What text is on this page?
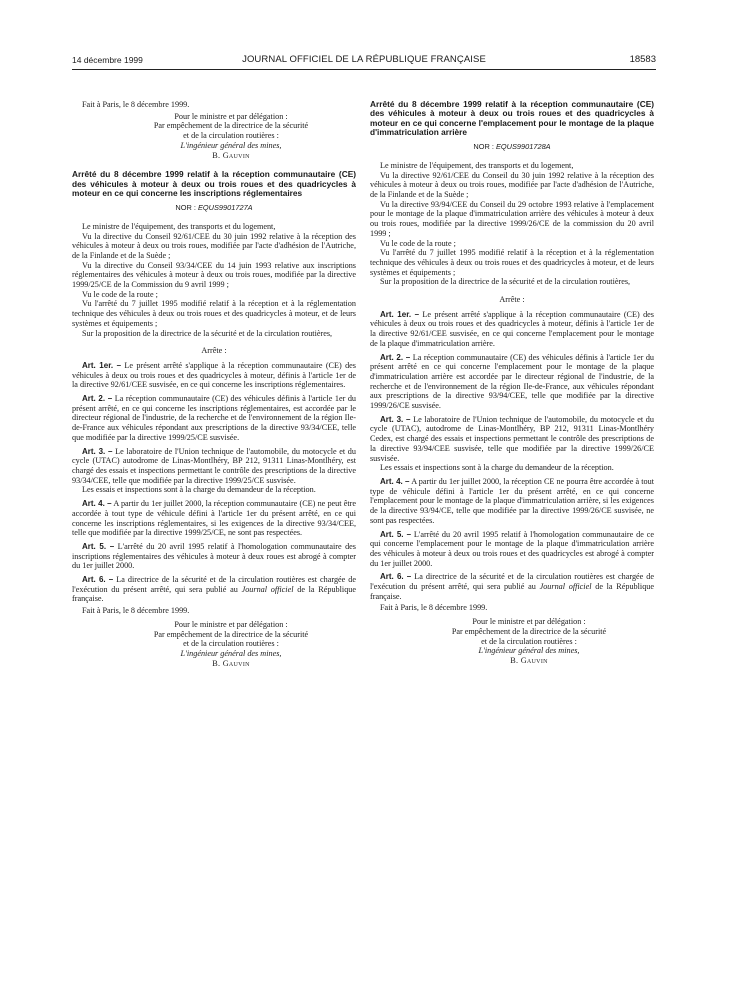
14 décembre 1999	JOURNAL OFFICIEL DE LA RÉPUBLIQUE FRANÇAISE	18583

Fait à Paris, le 8 décembre 1999.

Pour le ministre et par délégation :
Par empêchement de la directrice de la sécurité
et de la circulation routières :
L'ingénieur général des mines,
B. Gauvin

Arrêté du 8 décembre 1999 relatif à la réception communautaire (CE) des véhicules à moteur à deux ou trois roues et des quadricycles à moteur en ce qui concerne les inscriptions réglementaires

NOR : EQUS9901727A

Le ministre de l'équipement, des transports et du logement,

Vu la directive du Conseil 92/61/CEE du 30 juin 1992 relative à la réception des véhicules à moteur à deux ou trois roues, modifiée par l'acte d'adhésion de l'Autriche, de la Finlande et de la Suède ;

Vu la directive du Conseil 93/34/CEE du 14 juin 1993 relative aux inscriptions réglementaires des véhicules à moteur à deux ou trois roues, modifiée par la directive 1999/25/CE de la Commission du 9 avril 1999 ;

Vu le code de la route ;

Vu l'arrêté du 7 juillet 1995 modifié relatif à la réception et à la réglementation technique des véhicules à deux ou trois roues et des quadricycles à moteur, et de leurs systèmes et équipements ;

Sur la proposition de la directrice de la sécurité et de la circulation routières,

Arrête :

Art. 1er. – Le présent arrêté s'applique à la réception communautaire (CE) des véhicules à deux ou trois roues et des quadricycles à moteur, définis à l'article 1er de la directive 92/61/CEE susvisée, en ce qui concerne les inscriptions réglementaires.

Art. 2. – La réception communautaire (CE) des véhicules définis à l'article 1er du présent arrêté, en ce qui concerne les inscriptions réglementaires, est accordée par le directeur régional de l'industrie, de la recherche et de l'environnement de la région Ile-de-France aux véhicules répondant aux prescriptions de la directive 93/34/CEE, telle que modifiée par la directive 1999/25/CE susvisée.

Art. 3. – Le laboratoire de l'Union technique de l'automobile, du motocycle et du cycle (UTAC) autodrome de Linas-Montlhéry, BP 212, 91311 Linas-Montlhéry, est chargé des essais et inspections permettant le contrôle des prescriptions de la directive 93/34/CEE, telle que modifiée par la directive 1999/25/CE susvisée.

Les essais et inspections sont à la charge du demandeur de la réception.

Art. 4. – A partir du 1er juillet 2000, la réception communautaire (CE) ne peut être accordée à tout type de véhicule défini à l'article 1er du présent arrêté, en ce qui concerne les inscriptions réglementaires, si les exigences de la directive 93/34/CEE, telle que modifiée par la directive 1999/25/CE, ne sont pas respectées.

Art. 5. – L'arrêté du 20 avril 1995 relatif à l'homologation communautaire des inscriptions réglementaires des véhicules à moteur à deux roues est abrogé à compter du 1er juillet 2000.

Art. 6. – La directrice de la sécurité et de la circulation routières est chargée de l'exécution du présent arrêté, qui sera publié au Journal officiel de la République française.

Fait à Paris, le 8 décembre 1999.

Pour le ministre et par délégation :
Par empêchement de la directrice de la sécurité
et de la circulation routières :
L'ingénieur général des mines,
B. Gauvin

Arrêté du 8 décembre 1999 relatif à la réception communautaire (CE) des véhicules à moteur à deux ou trois roues et des quadricycles à moteur en ce qui concerne l'emplacement pour le montage de la plaque d'immatriculation arrière

NOR : EQUS9901728A

Le ministre de l'équipement, des transports et du logement,

Vu la directive 92/61/CEE du Conseil du 30 juin 1992 relative à la réception des véhicules à moteur à deux ou trois roues, modifiée par l'acte d'adhésion de l'Autriche, de la Finlande et de la Suède ;

Vu la directive 93/94/CEE du Conseil du 29 octobre 1993 relative à l'emplacement pour le montage de la plaque d'immatriculation arrière des véhicules à moteur à deux ou trois roues, modifiée par la directive 1999/26/CE de la commission du 20 avril 1999 ;

Vu le code de la route ;

Vu l'arrêté du 7 juillet 1995 modifié relatif à la réception et à la réglementation technique des véhicules à deux ou trois roues et des quadricycles à moteur, et de leurs systèmes et équipements ;

Sur la proposition de la directrice de la sécurité et de la circulation routières,

Arrête :

Art. 1er. – Le présent arrêté s'applique à la réception communautaire (CE) des véhicules à deux ou trois roues et des quadricycles à moteur, définis à l'article 1er de la directive 92/61/CEE susvisée, en ce qui concerne l'emplacement pour le montage de la plaque d'immatriculation arrière.

Art. 2. – La réception communautaire (CE) des véhicules définis à l'article 1er du présent arrêté en ce qui concerne l'emplacement pour le montage de la plaque d'immatriculation arrière est accordée par le directeur régional de l'industrie, de la recherche et de l'environnement de la région Ile-de-France, aux véhicules répondant aux prescriptions de la directive 93/94/CEE, telle que modifiée par la directive 1999/26/CE susvisée.

Art. 3. – Le laboratoire de l'Union technique de l'automobile, du motocycle et du cycle (UTAC), autodrome de Linas-Montlhéry, BP 212, 91311 Linas-Montlhéry Cedex, est chargé des essais et inspections permettant le contrôle des prescriptions de la directive 93/94/CEE susvisée, telle que modifiée par la directive 1999/26/CE susvisée.

Les essais et inspections sont à la charge du demandeur de la réception.

Art. 4. – A partir du 1er juillet 2000, la réception CE ne pourra être accordée à tout type de véhicule défini à l'article 1er du présent arrêté, en ce qui concerne l'emplacement pour le montage de la plaque d'immatriculation arrière, si les exigences de la directive 93/94/CE, telle que modifiée par la directive 1999/26/CE susvisée, ne sont pas respectées.

Art. 5. – L'arrêté du 20 avril 1995 relatif à l'homologation communautaire de ce qui concerne l'emplacement pour le montage de la plaque d'immatriculation arrière des véhicules à moteur à deux ou trois roues et des quadricycles est abrogé à compter du 1er juillet 2000.

Art. 6. – La directrice de la sécurité et de la circulation routières est chargée de l'exécution du présent arrêté, qui sera publié au Journal officiel de la République française.

Fait à Paris, le 8 décembre 1999.

Pour le ministre et par délégation :
Par empêchement de la directrice de la sécurité
et de la circulation routières :
L'ingénieur général des mines,
B. Gauvin
